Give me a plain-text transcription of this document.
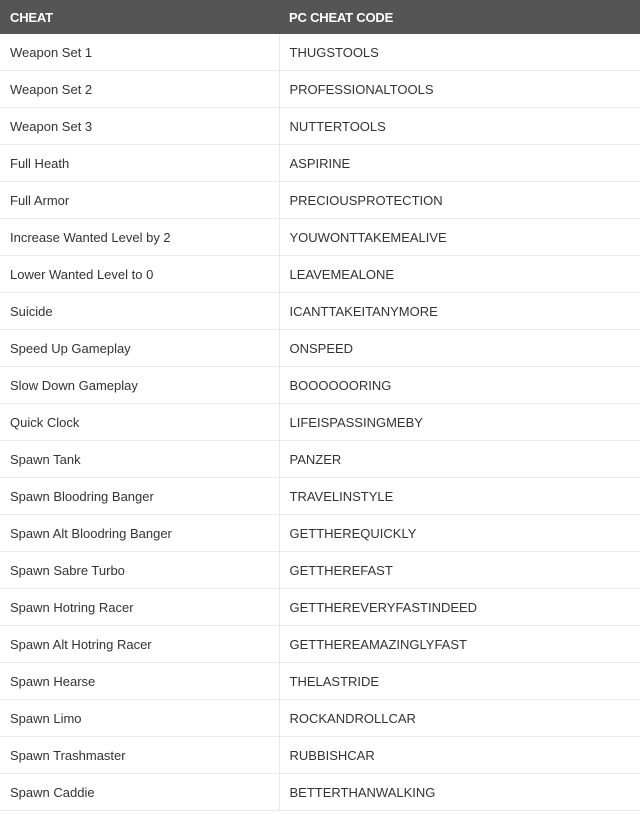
CHEAT	PC CHEAT CODE
Weapon Set 1	THUGSTOOLS
Weapon Set 2	PROFESSIONALTOOLS
Weapon Set 3	NUTTERTOOLS
Full Heath	ASPIRINE
Full Armor	PRECIOUSPROTECTION
Increase Wanted Level by 2	YOUWONTTAKEMEALIVE
Lower Wanted Level to 0	LEAVEMEALONE
Suicide	ICANTTAKEITANYMORE
Speed Up Gameplay	ONSPEED
Slow Down Gameplay	BOOOOOORING
Quick Clock	LIFEISPASSINGMEBY
Spawn Tank	PANZER
Spawn Bloodring Banger	TRAVELINSTYLE
Spawn Alt Bloodring Banger	GETTHEREQUICKLY
Spawn Sabre Turbo	GETTHEREFAST
Spawn Hotring Racer	GETTHEREVERYFASTINDEED
Spawn Alt Hotring Racer	GETTHEREAMAZINGLYFAST
Spawn Hearse	THELASTRIDE
Spawn Limo	ROCKANDROLLCAR
Spawn Trashmaster	RUBBISHCAR
Spawn Caddie	BETTERTHANWALKING
